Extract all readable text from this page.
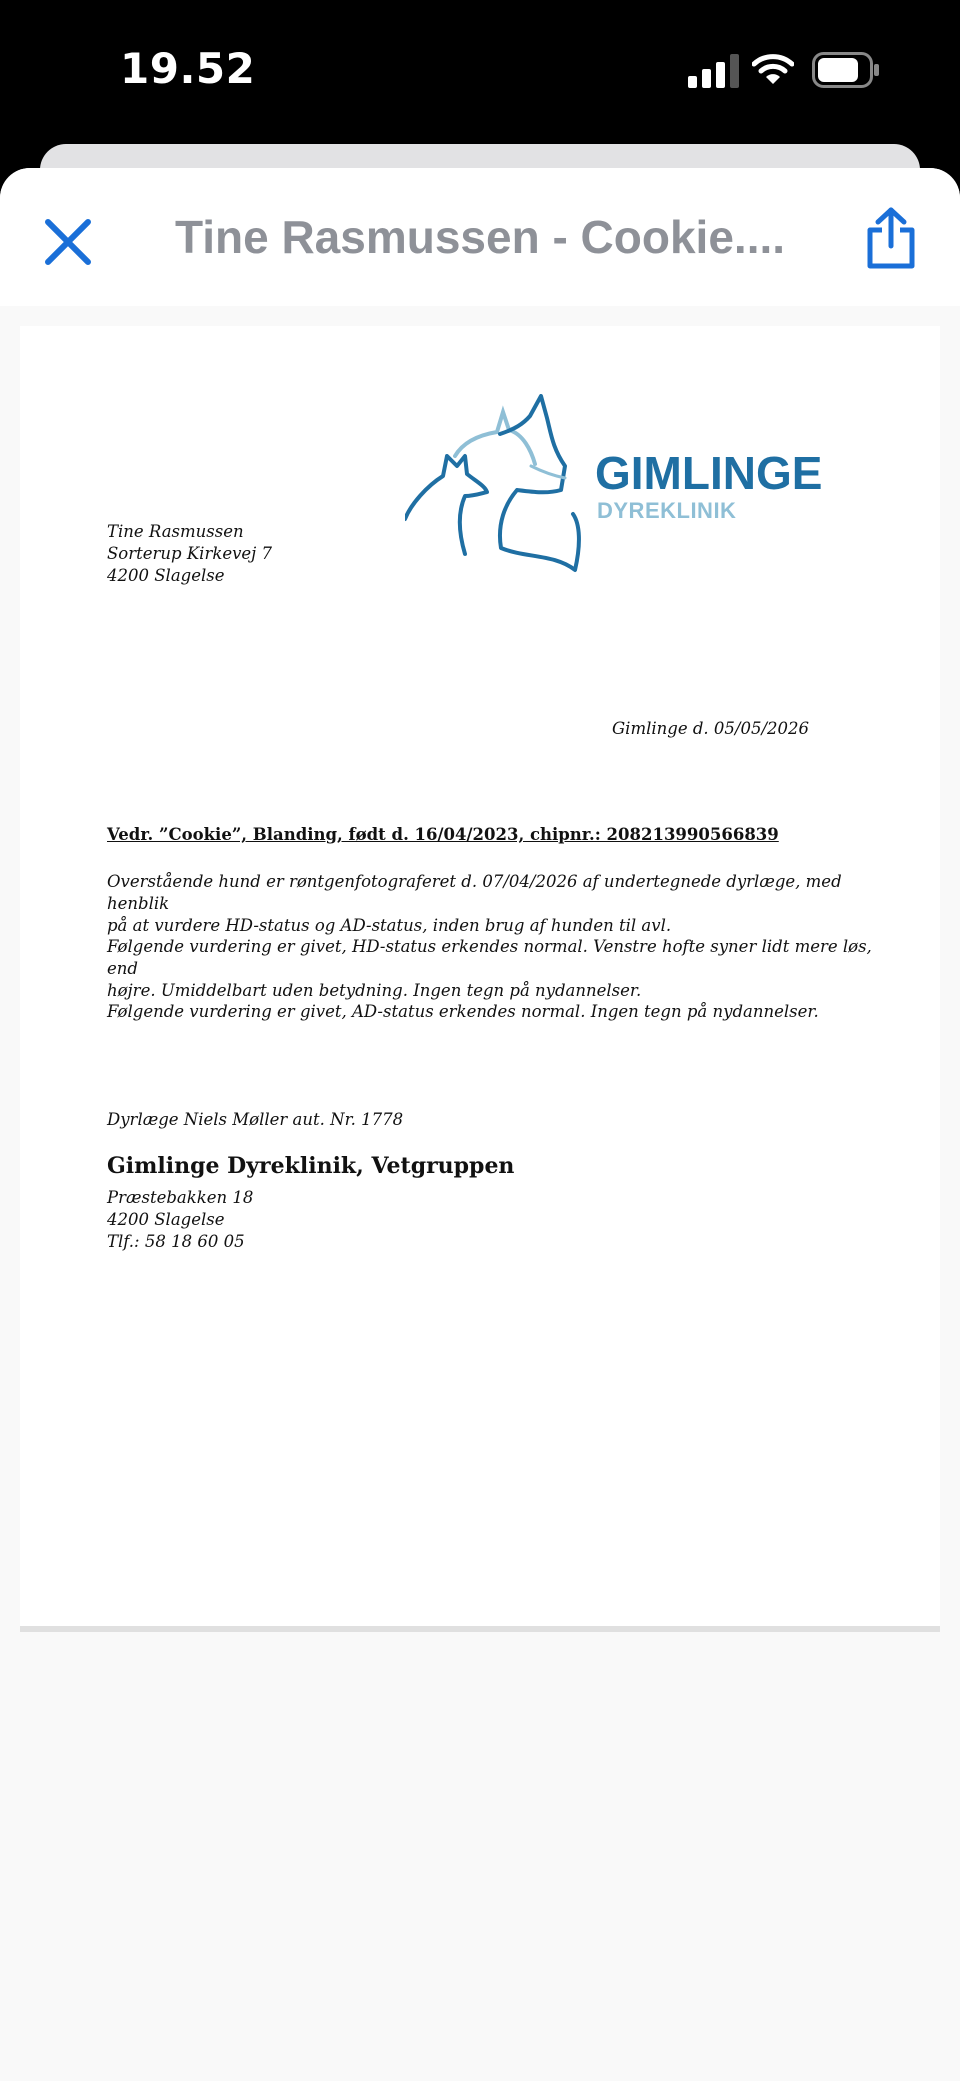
19.52
Tine Rasmussen - Cookie....
Tine Rasmussen
Sorterup Kirkevej 7
4200 Slagelse
GIMLINGE
DYREKLINIK
Gimlinge d. 05/05/2026
Vedr. ”Cookie”, Blanding, født d. 16/04/2023, chipnr.: 208213990566839
Overstående hund er røntgenfotograferet d. 07/04/2026 af undertegnede dyrlæge, med henblik
på at vurdere HD-status og AD-status, inden brug af hunden til avl.
Følgende vurdering er givet, HD-status erkendes normal. Venstre hofte syner lidt mere løs, end
højre. Umiddelbart uden betydning. Ingen tegn på nydannelser.
Følgende vurdering er givet, AD-status erkendes normal. Ingen tegn på nydannelser.
Dyrlæge Niels Møller aut. Nr. 1778
Gimlinge Dyreklinik, Vetgruppen
Præstebakken 18
4200 Slagelse
Tlf.: 58 18 60 05
